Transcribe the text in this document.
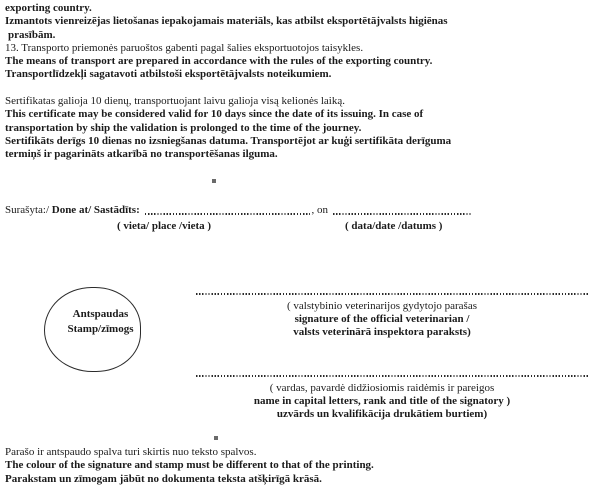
exporting country.
Izmantots vienreizējas lietošanas iepakojamais materiāls, kas atbilst eksportētājvalsts higiēnas
prasībām.
13. Transporto priemonės paruoštos gabenti pagal šalies eksportuotojos taisykles.
The means of transport are prepared in accordance with the rules of the exporting country.
Transportlīdzekļi sagatavoti atbilstoši eksportētājvalsts noteikumiem.
Sertifikatas galioja 10 dienų, transportuojant laivu galioja visą kelionės laiką.
This certificate may be considered valid for 10 days since the date of its issuing. In case of
transportation by ship the validation is prolonged to the time of the journey.
Sertifikāts derīgs 10 dienas no izsniegšanas datuma. Transportējot ar kuģi sertifikāta derīguma
termiņš ir pagarināts atkarībā no transportēšanas ilguma.
Surašyta:/
Done at/ Sastādīts:	, on
( vieta/ place /vieta )	( data/date /datums )
Antspaudas
Stamp/zīmogs
( valstybinio veterinarijos gydytojo parašas
signature of the official veterinarian /
valsts veterinārā inspektora paraksts)
( vardas, pavardė didžiosiomis raidėmis ir pareigos
name in capital letters, rank and title of the signatory )
uzvārds un kvalifikācija drukātiem burtiem)
Parašo ir antspaudo spalva turi skirtis nuo teksto spalvos.
The colour of the signature and stamp must be different to that of the printing.
Parakstam un zīmogam jābūt no dokumenta teksta atšķirīgā krāsā.
